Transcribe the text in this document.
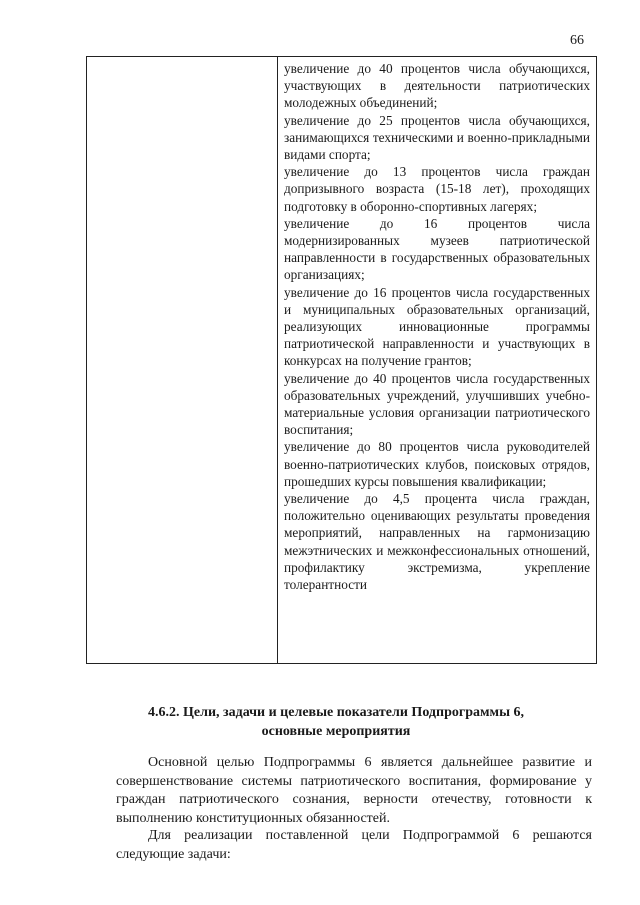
66

увеличение до 40 процентов числа обучающихся, участвующих в деятельности патриотических молодежных объединений;

увеличение до 25 процентов числа обучающихся, занимающихся техническими и военно-прикладными видами спорта;

увеличение до 13 процентов числа граждан допризывного возраста (15-18 лет), проходящих подготовку в оборонно-спортивных лагерях;

увеличение до 16 процентов числа модернизированных музеев патриотической направленности в государственных образовательных организациях;

увеличение до 16 процентов числа государственных и муниципальных образовательных организаций, реализующих инновационные программы патриотической направленности и участвующих в конкурсах на получение грантов;

увеличение до 40 процентов числа государственных образовательных учреждений, улучшивших учебно-материальные условия организации патриотического воспитания;

увеличение до 80 процентов числа руководителей военно-патриотических клубов, поисковых отрядов, прошедших курсы повышения квалификации;

увеличение до 4,5 процента числа граждан, положительно оценивающих результаты проведения мероприятий, направленных на гармонизацию межэтнических и межконфессиональных отношений, профилактику экстремизма, укрепление толерантности

4.6.2. Цели, задачи и целевые показатели Подпрограммы 6,
основные мероприятия

Основной целью Подпрограммы 6 является дальнейшее развитие и совершенствование системы патриотического воспитания, формирование у граждан патриотического сознания, верности отечеству, готовности к выполнению конституционных обязанностей.

Для реализации поставленной цели Подпрограммой 6 решаются следующие задачи:
